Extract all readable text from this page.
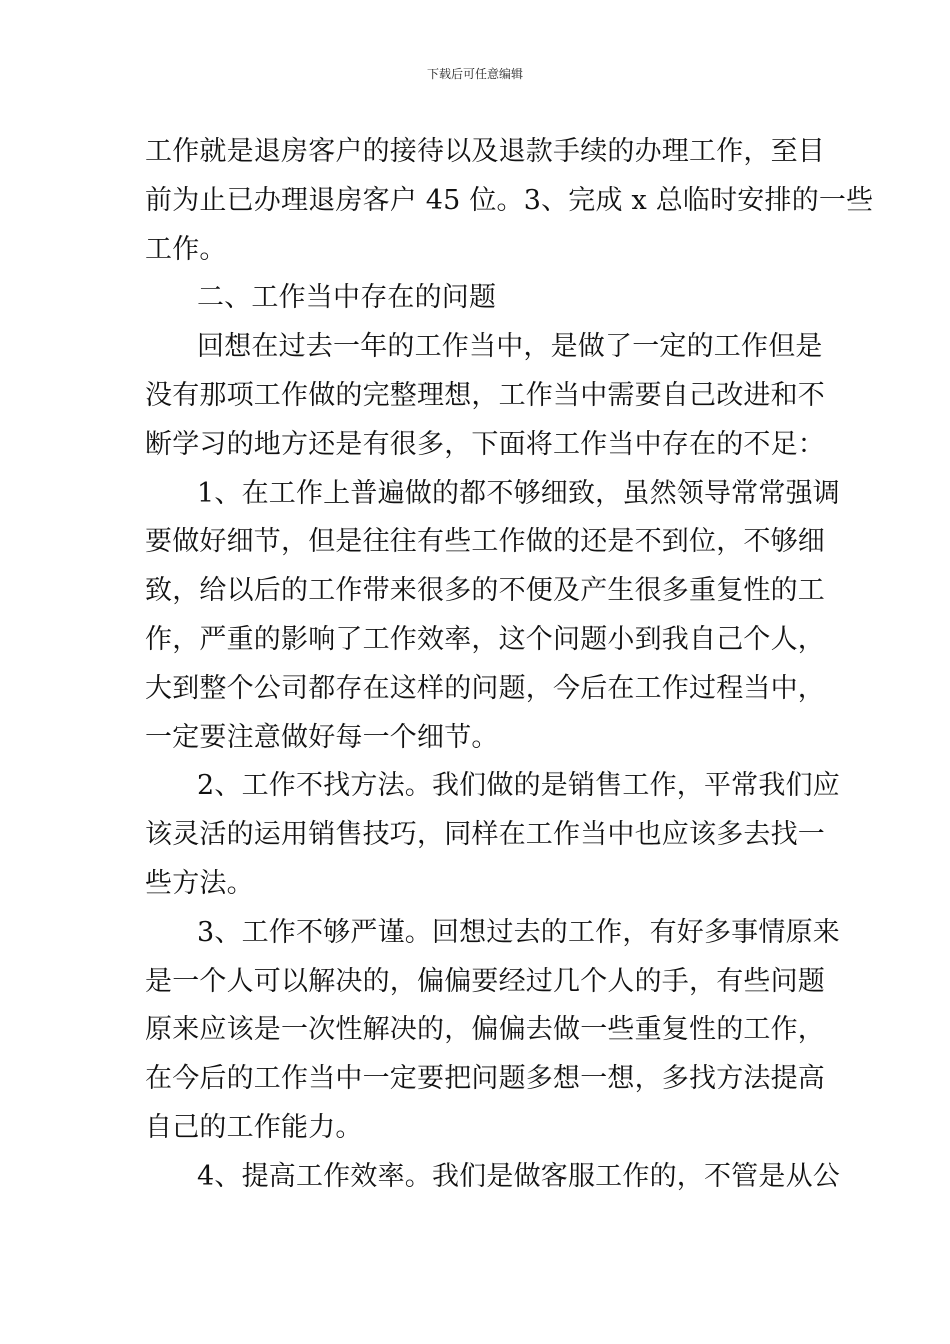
下载后可任意编辑
工作就是退房客户的接待以及退款手续的办理工作，至目
前为止已办理退房客户 45 位。3、完成 x 总临时安排的一些
工作。
二、工作当中存在的问题
回想在过去一年的工作当中，是做了一定的工作但是
没有那项工作做的完整理想，工作当中需要自己改进和不
断学习的地方还是有很多，下面将工作当中存在的不足：
1、在工作上普遍做的都不够细致，虽然领导常常强调
要做好细节，但是往往有些工作做的还是不到位，不够细
致，给以后的工作带来很多的不便及产生很多重复性的工
作，严重的影响了工作效率，这个问题小到我自己个人，
大到整个公司都存在这样的问题，今后在工作过程当中，
一定要注意做好每一个细节。
2、工作不找方法。我们做的是销售工作，平常我们应
该灵活的运用销售技巧，同样在工作当中也应该多去找一
些方法。
3、工作不够严谨。回想过去的工作，有好多事情原来
是一个人可以解决的，偏偏要经过几个人的手，有些问题
原来应该是一次性解决的，偏偏去做一些重复性的工作，
在今后的工作当中一定要把问题多想一想，多找方法提高
自己的工作能力。
4、提高工作效率。我们是做客服工作的，不管是从公
